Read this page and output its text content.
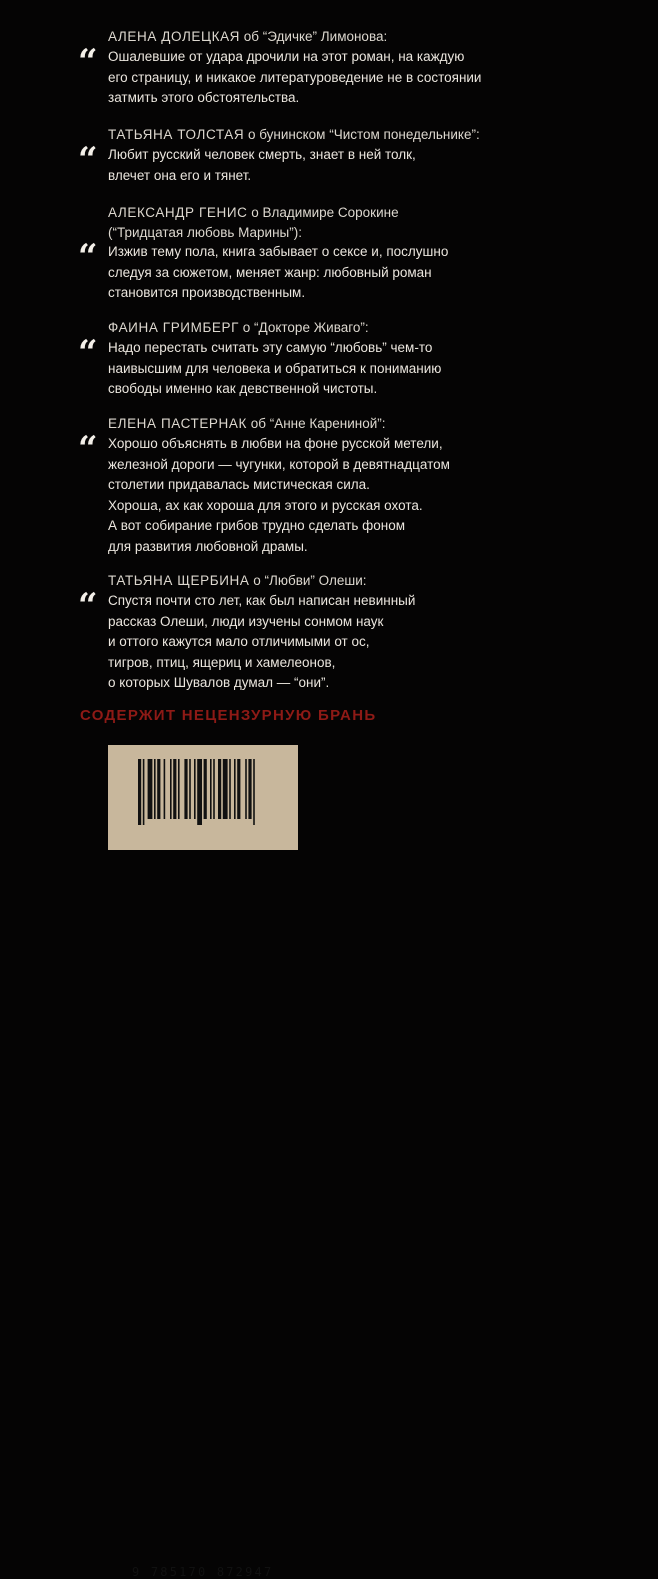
АЛЕНА ДОЛЕЦКАЯ об “Эдичке” Лимонова:
“ Ошалевшие от удара дрочили на этот роман, на каждую
его страницу, и никакое литературоведение не в состоянии
затмить этого обстоятельства.
ТАТЬЯНА ТОЛСТАЯ о бунинском “Чистом понедельнике”:
“ Любит русский человек смерть, знает в ней толк,
влечет она его и тянет.
АЛЕКСАНДР ГЕНИС о Владимире Сорокине
(“Тридцатая любовь Марины”):
“ Изжив тему пола, книга забывает о сексе и, послушно
следуя за сюжетом, меняет жанр: любовный роман
становится производственным.
ФАИНА ГРИМБЕРГ о “Докторе Живаго”:
“ Надо перестать считать эту самую “любовь” чем-то
наивысшим для человека и обратиться к пониманию
свободы именно как девственной чистоты.
ЕЛЕНА ПАСТЕРНАК об “Анне Карениной”:
“ Хорошо объяснять в любви на фоне русской метели,
железной дороги — чугунки, которой в девятнадцатом
столетии придавалась мистическая сила.
Хороша, ах как хороша для этого и русская охота.
А вот собирание грибов трудно сделать фоном
для развития любовной драмы.
ТАТЬЯНА ЩЕРБИНА о “Любви” Олеши:
“ Спустя почти сто лет, как был написан невинный
рассказ Олеши, люди изучены сонмом наук
и оттого кажутся мало отличимыми от ос,
тигров, птиц, ящериц и хамелеонов,
о которых Шувалов думал — “они”.
СОДЕРЖИТ НЕЦЕНЗУРНУЮ БРАНЬ
9 785170 872947
